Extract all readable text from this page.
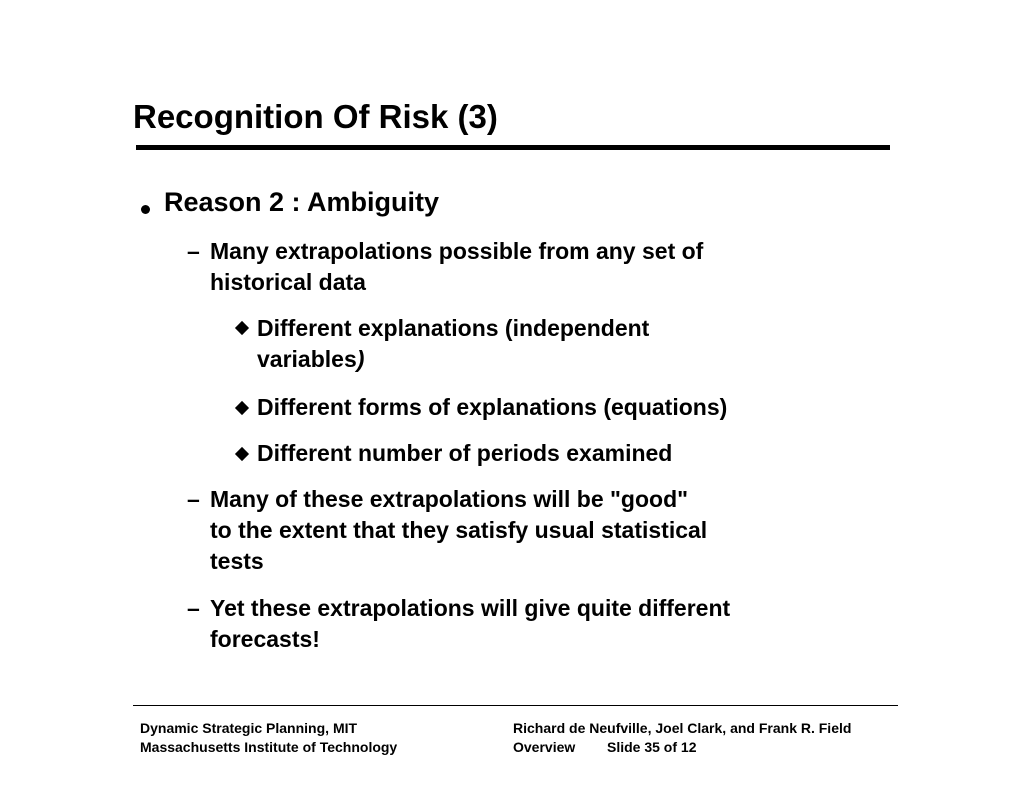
Recognition Of Risk (3)
Reason 2 : Ambiguity
– Many extrapolations possible from any set of
historical data
Different explanations (independent
variables)
Different forms of explanations (equations)
Different number of periods examined
– Many of these extrapolations will be "good"
to the extent that they satisfy usual statistical
tests
– Yet these extrapolations will give quite different
forecasts!
Dynamic Strategic Planning, MIT
Massachusetts Institute of Technology
Richard de Neufville, Joel Clark, and Frank R. Field
Overview Slide 35 of 12
